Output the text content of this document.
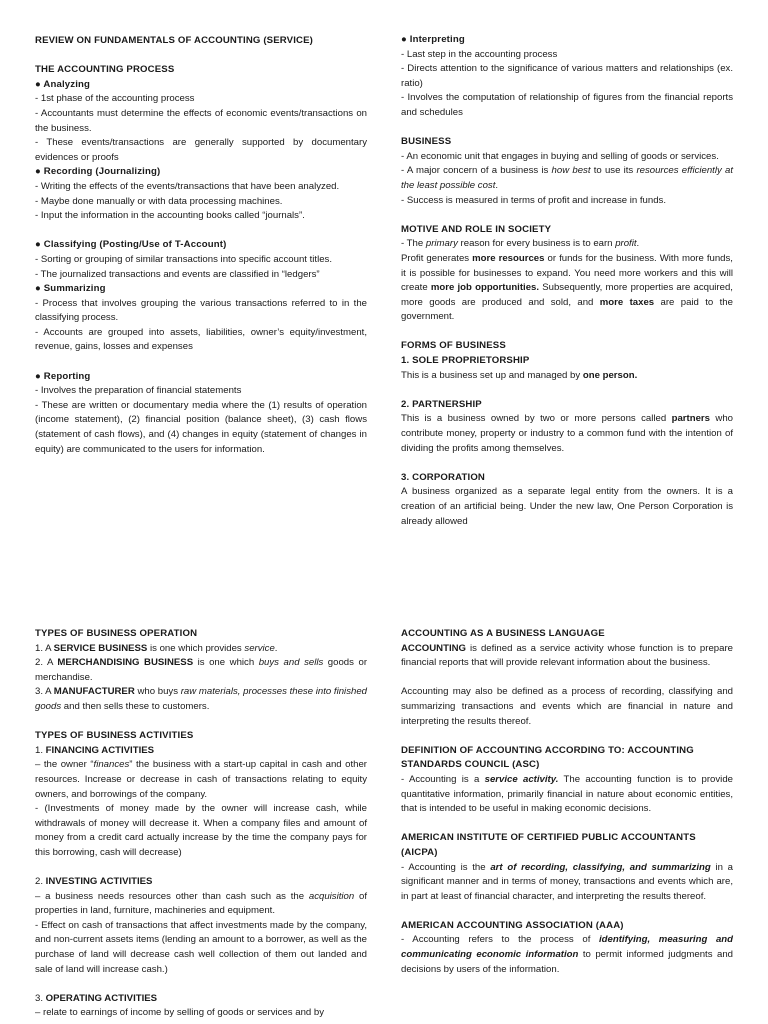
REVIEW ON FUNDAMENTALS OF ACCOUNTING (SERVICE)

THE ACCOUNTING PROCESS

● Analyzing

- 1st phase of the accounting process

- Accountants must determine the effects of economic events/transactions on the business.

- These events/transactions are generally supported by documentary evidences or proofs

● Recording (Journalizing)

- Writing the effects of the events/transactions that have been analyzed.

- Maybe done manually or with data processing machines.

- Input the information in the accounting books called “journals”.

● Classifying (Posting/Use of T-Account)

- Sorting or grouping of similar transactions into specific account titles.

- The journalized transactions and events are classified in “ledgers”

● Summarizing

- Process that involves grouping the various transactions referred to in the classifying process.

- Accounts are grouped into assets, liabilities, owner’s equity/investment, revenue, gains, losses and expenses

● Reporting

- Involves the preparation of financial statements

- These are written or documentary media where the (1) results of operation (income statement), (2) financial position (balance sheet), (3) cash flows (statement of cash flows), and (4) changes in equity (statement of changes in equity) are communicated to the users for information.

● Interpreting

- Last step in the accounting process

- Directs attention to the significance of various matters and relationships (ex. ratio)

- Involves the computation of relationship of figures from the financial reports and schedules

BUSINESS

- An economic unit that engages in buying and selling of goods or services.

- A major concern of a business is how best to use its resources efficiently at the least possible cost.

- Success is measured in terms of profit and increase in funds.

MOTIVE AND ROLE IN SOCIETY

- The primary reason for every business is to earn profit.

Profit generates more resources or funds for the business. With more funds, it is possible for businesses to expand. You need more workers and this will create more job opportunities. Subsequently, more properties are acquired, more goods are produced and sold, and more taxes are paid to the government.

FORMS OF BUSINESS

1. SOLE PROPRIETORSHIP

This is a business set up and managed by one person.

2. PARTNERSHIP

This is a business owned by two or more persons called partners who contribute money, property or industry to a common fund with the intention of dividing the profits among themselves.

3. CORPORATION

A business organized as a separate legal entity from the owners. It is a creation of an artificial being. Under the new law, One Person Corporation is already allowed

TYPES OF BUSINESS OPERATION

1. A SERVICE BUSINESS is one which provides service.

2. A MERCHANDISING BUSINESS is one which buys and sells goods or merchandise.

3. A MANUFACTURER who buys raw materials, processes these into finished goods and then sells these to customers.

TYPES OF BUSINESS ACTIVITIES

1. FINANCING ACTIVITIES

– the owner “finances” the business with a start-up capital in cash and other resources. Increase or decrease in cash of transactions relating to equity owners, and borrowings of the company.

- (Investments of money made by the owner will increase cash, while withdrawals of money will decrease it. When a company files and amount of money from a credit card actually increase by the time the company pays for this borrowing, cash will decrease)

2. INVESTING ACTIVITIES

– a business needs resources other than cash such as the acquisition of properties in land, furniture, machineries and equipment.

- Effect on cash of transactions that affect investments made by the company, and non-current assets items (lending an amount to a borrower, as well as the purchase of land will decrease cash well collection of them out landed and sale of land will increase cash.)

3. OPERATING ACTIVITIES

– relate to earnings of income by selling of goods or services and by

ACCOUNTING AS A BUSINESS LANGUAGE

ACCOUNTING is defined as a service activity whose function is to prepare financial reports that will provide relevant information about the business.

Accounting may also be defined as a process of recording, classifying and summarizing transactions and events which are financial in nature and interpreting the results thereof.

DEFINITION OF ACCOUNTING ACCORDING TO: ACCOUNTING STANDARDS COUNCIL (ASC)

- Accounting is a service activity. The accounting function is to provide quantitative information, primarily financial in nature about economic entities, that is intended to be useful in making economic decisions.

AMERICAN INSTITUTE OF CERTIFIED PUBLIC ACCOUNTANTS (AICPA)

- Accounting is the art of recording, classifying, and summarizing in a significant manner and in terms of money, transactions and events which are, in part at least of financial character, and interpreting the results thereof.

AMERICAN ACCOUNTING ASSOCIATION (AAA)

- Accounting refers to the process of identifying, measuring and communicating economic information to permit informed judgments and decisions by users of the information.
